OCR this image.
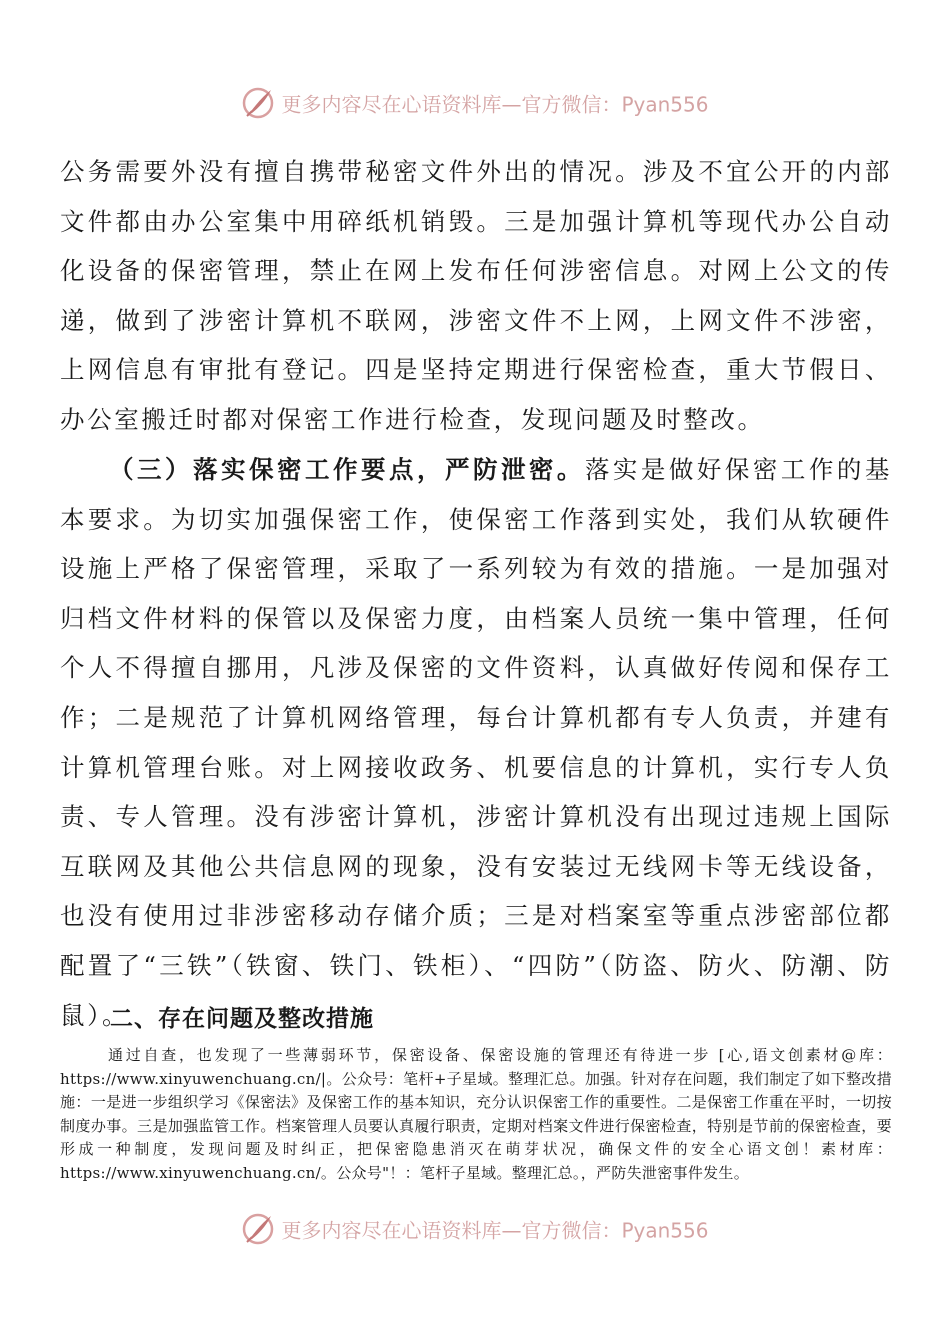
更多内容尽在心语资料库—官方微信：Pyan556
公务需要外没有擅自携带秘密文件外出的情况。涉及不宜公开的内部文件都由办公室集中用碎纸机销毁。三是加强计算机等现代办公自动化设备的保密管理，禁止在网上发布任何涉密信息。对网上公文的传递，做到了涉密计算机不联网，涉密文件不上网，上网文件不涉密，上网信息有审批有登记。四是坚持定期进行保密检查，重大节假日、办公室搬迁时都对保密工作进行检查，发现问题及时整改。
（三）落实保密工作要点，严防泄密。落实是做好保密工作的基本要求。为切实加强保密工作，使保密工作落到实处，我们从软硬件设施上严格了保密管理，采取了一系列较为有效的措施。一是加强对归档文件材料的保管以及保密力度，由档案人员统一集中管理，任何个人不得擅自挪用，凡涉及保密的文件资料，认真做好传阅和保存工作；二是规范了计算机网络管理，每台计算机都有专人负责，并建有计算机管理台账。对上网接收政务、机要信息的计算机，实行专人负责、专人管理。没有涉密计算机，涉密计算机没有出现过违规上国际互联网及其他公共信息网的现象，没有安装过无线网卡等无线设备，也没有使用过非涉密移动存储介质；三是对档案室等重点涉密部位都配置了“三铁”（铁窗、铁门、铁柜）、“四防”（防盗、防火、防潮、防鼠）。
二、存在问题及整改措施
通过自查，也发现了一些薄弱环节，保密设备、保密设施的管理还有待进一步 [心,语文创素材@库：https://www.xinyuwenchuang.cn/|。公众号：笔杆+子星域。整理汇总。加强。针对存在问题，我们制定了如下整改措施：一是进一步组织学习《保密法》及保密工作的基本知识，充分认识保密工作的重要性。二是保密工作重在平时，一切按制度办事。三是加强监管工作。档案管理人员要认真履行职责，定期对档案文件进行保密检查，特别是节前的保密检查，要形成一种制度，发现问题及时纠正，把保密隐患消灭在萌芽状况，确保文件的安全心语文创！素材库：https://www.xinyuwenchuang.cn/。公众号"！：笔杆子星域。整理汇总。，严防失泄密事件发生。
更多内容尽在心语资料库—官方微信：Pyan556
